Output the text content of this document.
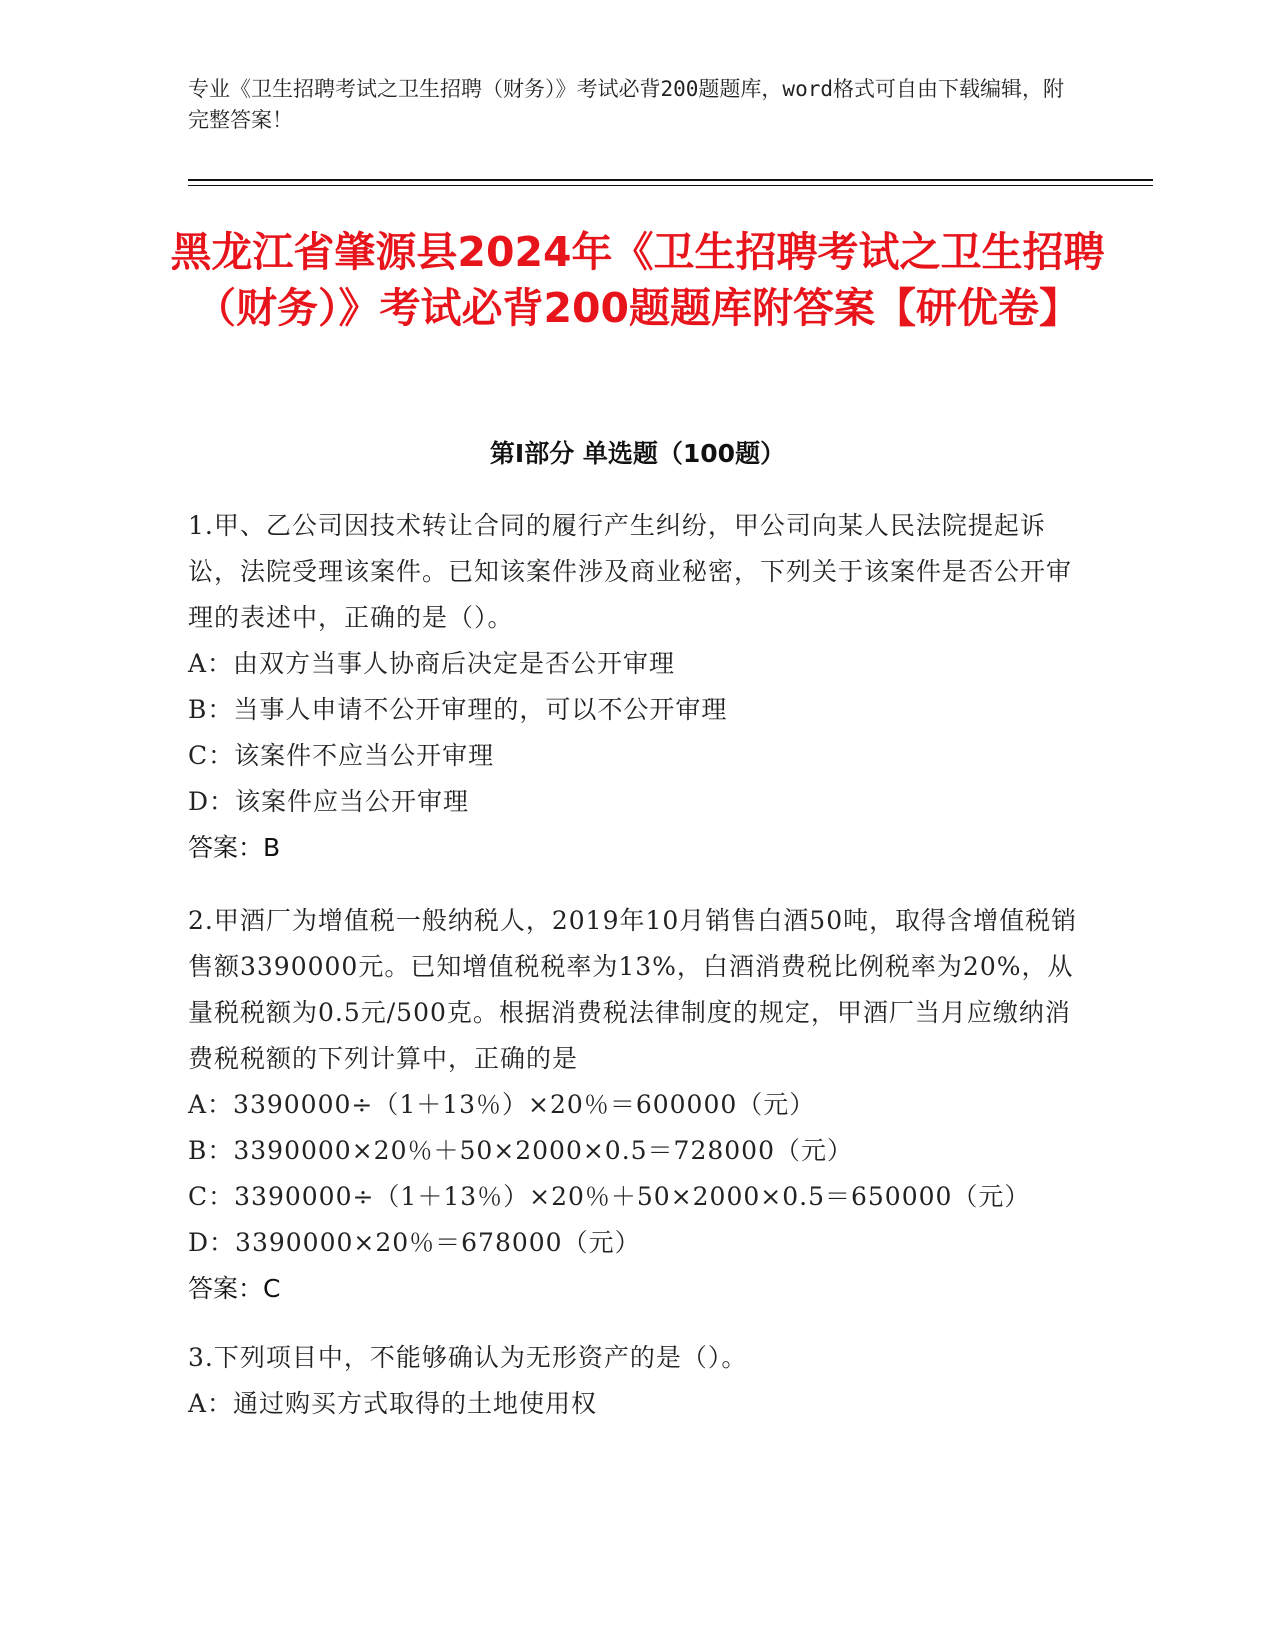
专业《卫生招聘考试之卫生招聘（财务）》考试必背200题题库，word格式可自由下载编辑，附完整答案！
黑龙江省肇源县2024年《卫生招聘考试之卫生招聘（财务）》考试必背200题题库附答案【研优卷】
第I部分 单选题（100题）

1.甲、乙公司因技术转让合同的履行产生纠纷，甲公司向某人民法院提起诉讼，法院受理该案件。已知该案件涉及商业秘密，下列关于该案件是否公开审理的表述中，正确的是（）。

A：由双方当事人协商后决定是否公开审理

B：当事人申请不公开审理的，可以不公开审理

C：该案件不应当公开审理

D：该案件应当公开审理

答案：B

2.甲酒厂为增值税一般纳税人，2019年10月销售白酒50吨，取得含增值税销售额3390000元。已知增值税税率为13%，白酒消费税比例税率为20%，从量税税额为0.5元/500克。根据消费税法律制度的规定，甲酒厂当月应缴纳消费税税额的下列计算中，正确的是

A：3390000÷（1＋13％）×20％＝600000（元）

B：3390000×20％＋50×2000×0.5＝728000（元）

C：3390000÷（1＋13％）×20％＋50×2000×0.5＝650000（元）

D：3390000×20％＝678000（元）

答案：C

3.下列项目中，不能够确认为无形资产的是（）。

A：通过购买方式取得的土地使用权
